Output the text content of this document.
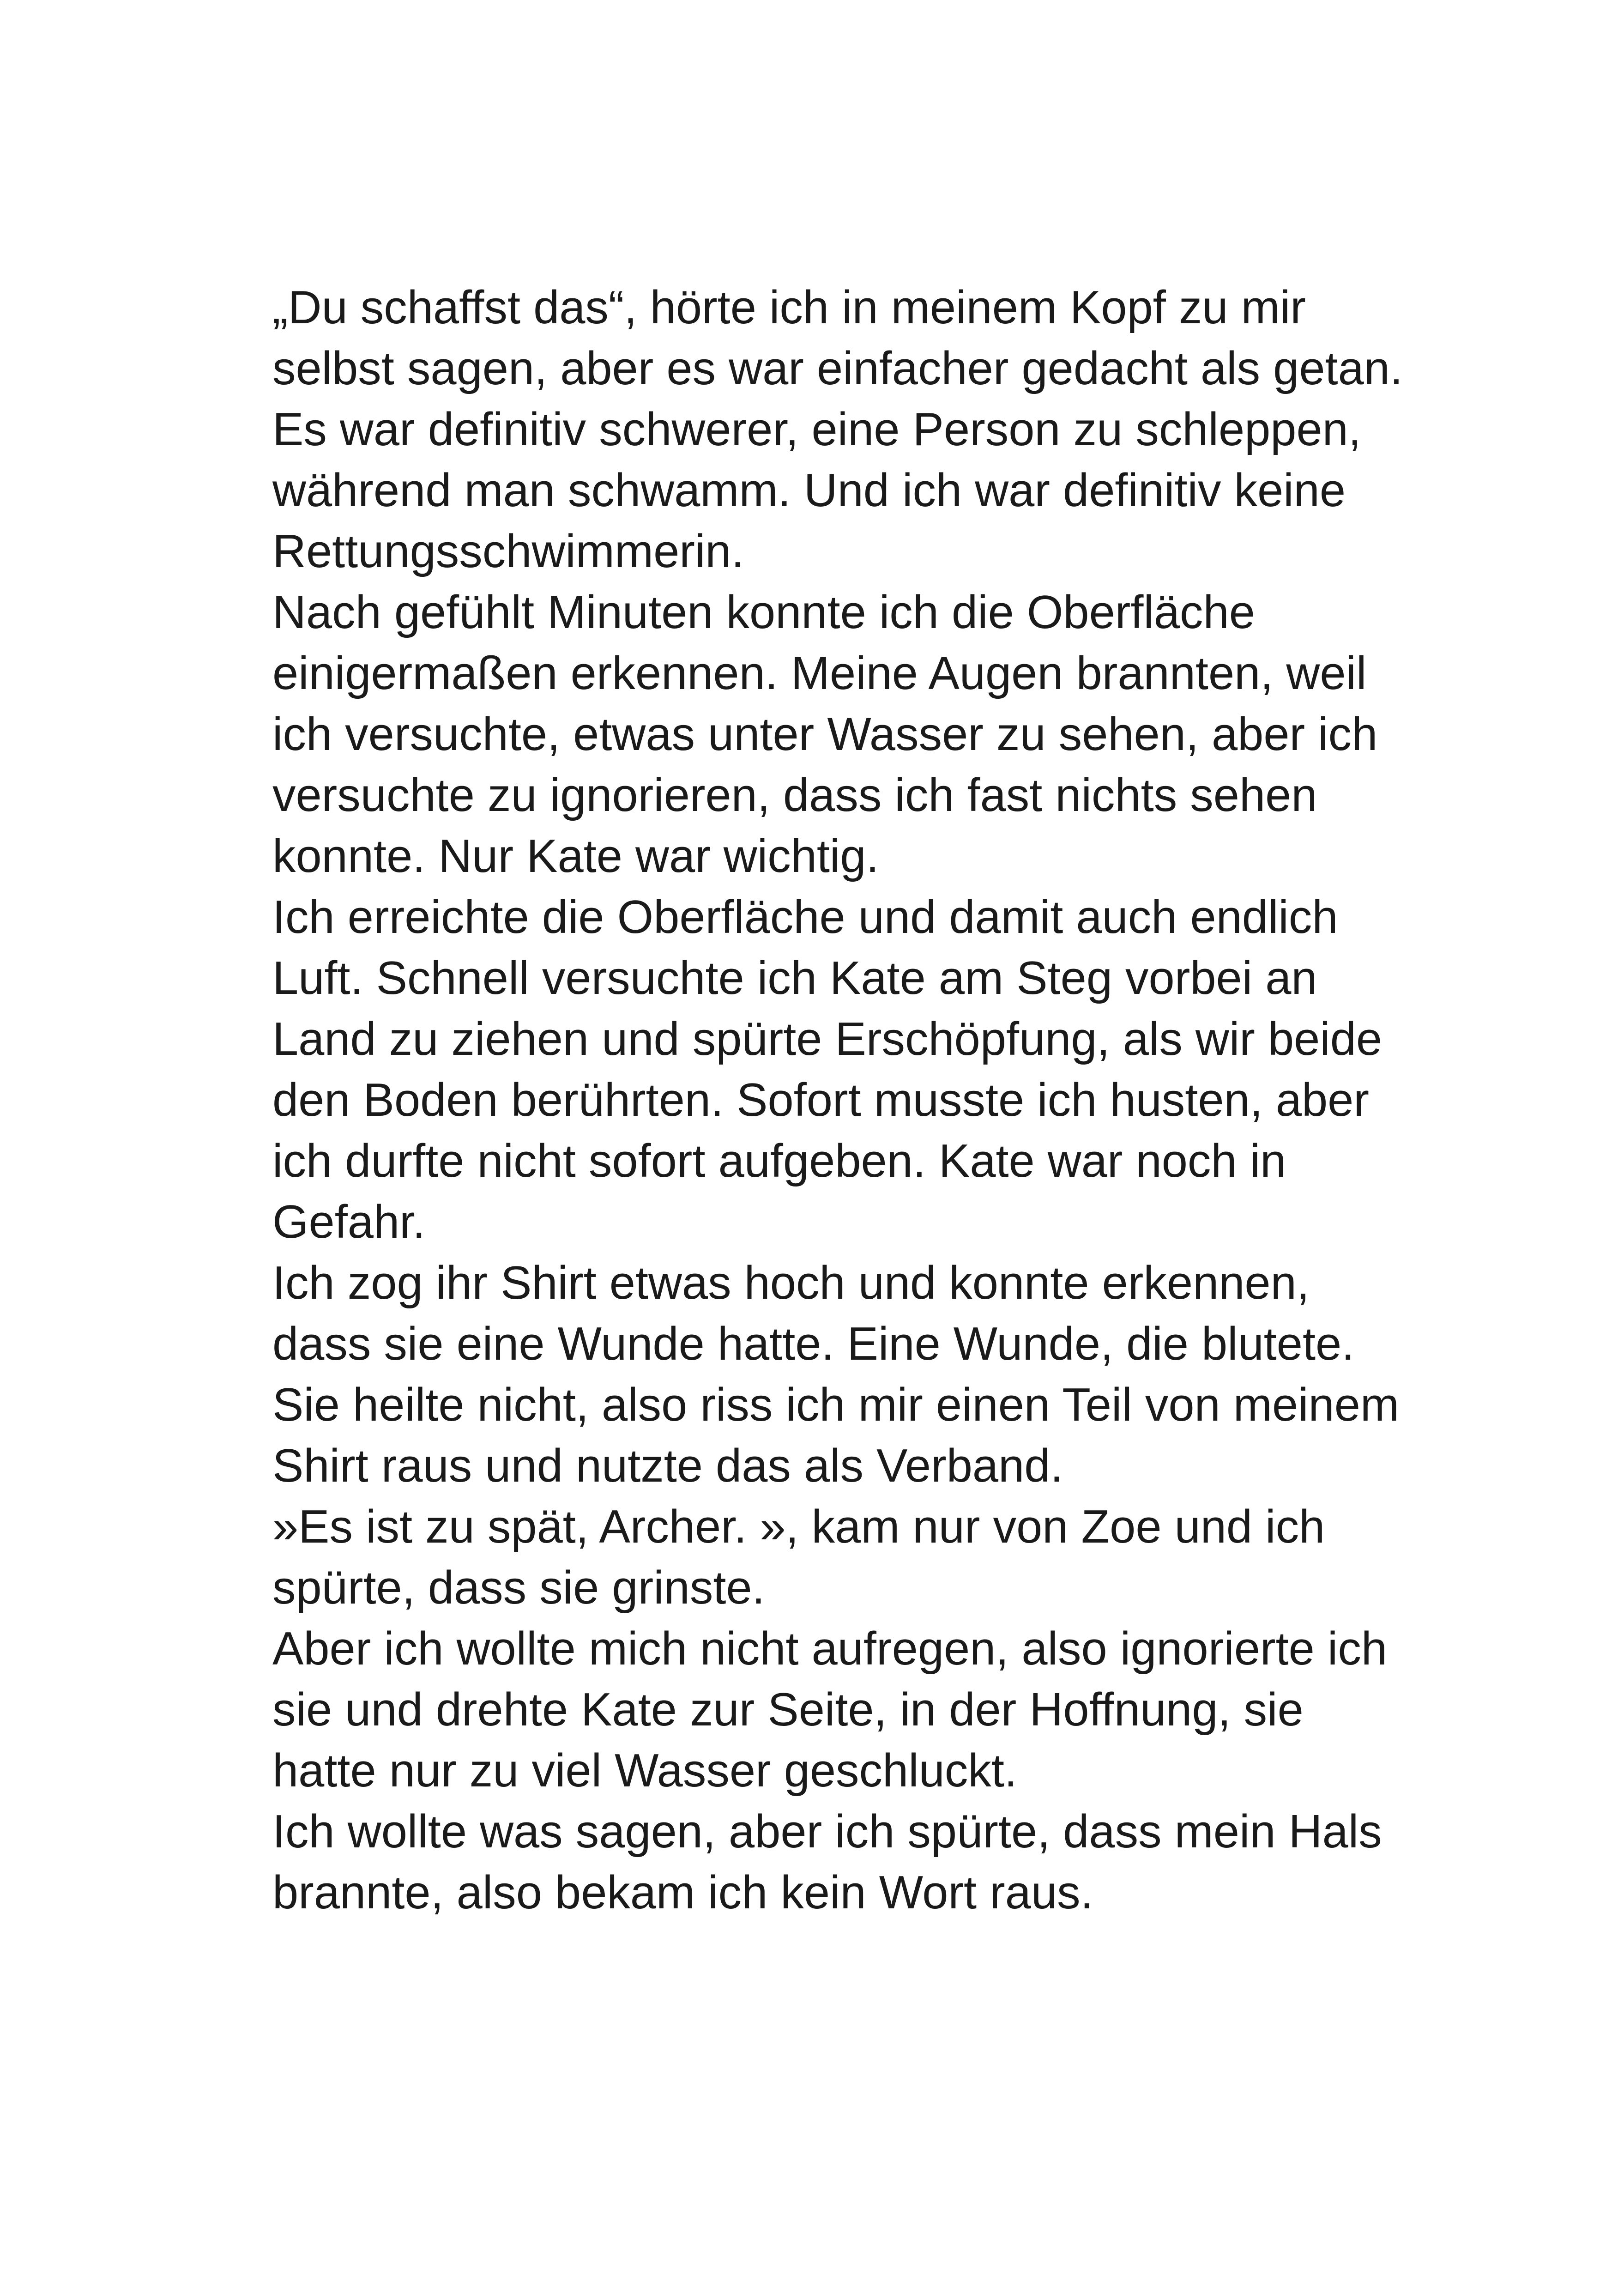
„Du schaffst das“, hörte ich in meinem Kopf zu mir
selbst sagen, aber es war einfacher gedacht als getan.
Es war definitiv schwerer, eine Person zu schleppen,
während man schwamm. Und ich war definitiv keine
Rettungsschwimmerin.
Nach gefühlt Minuten konnte ich die Oberfläche
einigermaßen erkennen. Meine Augen brannten, weil
ich versuchte, etwas unter Wasser zu sehen, aber ich
versuchte zu ignorieren, dass ich fast nichts sehen
konnte. Nur Kate war wichtig.
Ich erreichte die Oberfläche und damit auch endlich
Luft. Schnell versuchte ich Kate am Steg vorbei an
Land zu ziehen und spürte Erschöpfung, als wir beide
den Boden berührten. Sofort musste ich husten, aber
ich durfte nicht sofort aufgeben. Kate war noch in
Gefahr.
Ich zog ihr Shirt etwas hoch und konnte erkennen,
dass sie eine Wunde hatte. Eine Wunde, die blutete.
Sie heilte nicht, also riss ich mir einen Teil von meinem
Shirt raus und nutzte das als Verband.
»Es ist zu spät, Archer. », kam nur von Zoe und ich
spürte, dass sie grinste.
Aber ich wollte mich nicht aufregen, also ignorierte ich
sie und drehte Kate zur Seite, in der Hoffnung, sie
hatte nur zu viel Wasser geschluckt.
Ich wollte was sagen, aber ich spürte, dass mein Hals
brannte, also bekam ich kein Wort raus.
